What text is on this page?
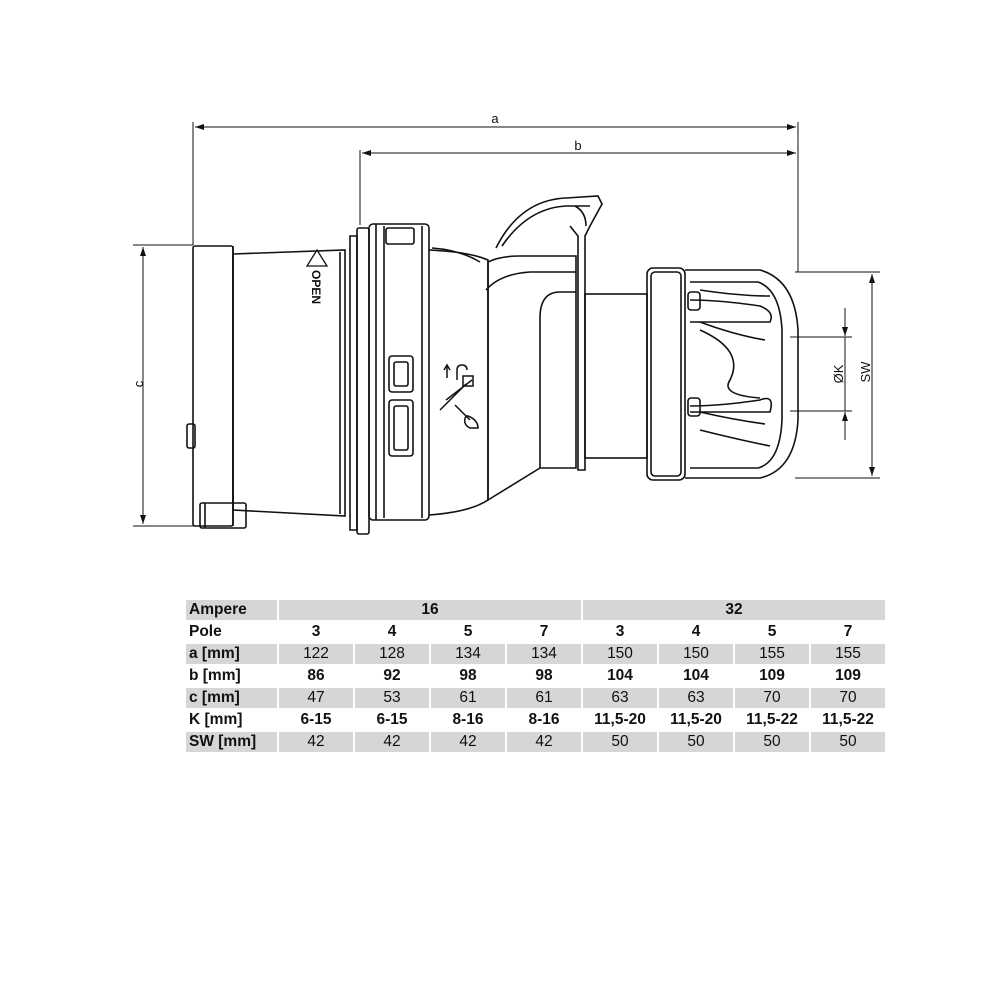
a
b
c
SW
ØK
OPEN
Ampere	16				32			
Pole	3	4	5	7	3	4	5	7
a [mm]	122	128	134	134	150	150	155	155
b [mm]	86	92	98	98	104	104	109	109
c [mm]	47	53	61	61	63	63	70	70
K [mm]	6-15	6-15	8-16	8-16	11,5-20	11,5-20	11,5-22	11,5-22
SW [mm]	42	42	42	42	50	50	50	50
